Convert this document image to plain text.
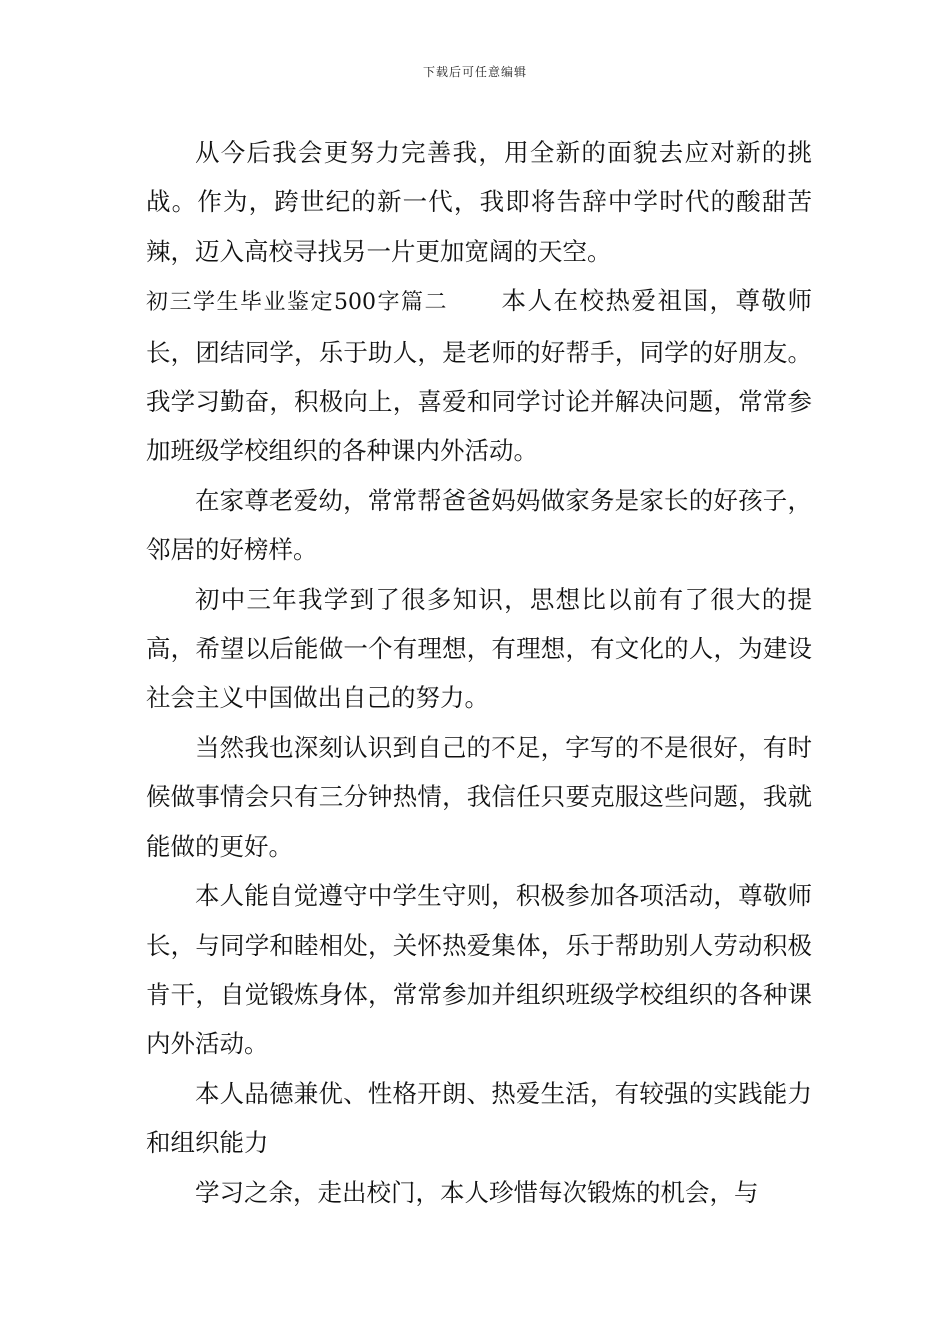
下载后可任意编辑

从今后我会更努力完善我，用全新的面貌去应对新的挑战。作为，跨世纪的新一代，我即将告辞中学时代的酸甜苦辣，迈入高校寻找另一片更加宽阔的天空。

初三学生毕业鉴定500字篇二 本人在校热爱祖国，尊敬师长，团结同学，乐于助人，是老师的好帮手，同学的好朋友。我学习勤奋，积极向上，喜爱和同学讨论并解决问题，常常参加班级学校组织的各种课内外活动。

在家尊老爱幼，常常帮爸爸妈妈做家务是家长的好孩子，邻居的好榜样。

初中三年我学到了很多知识，思想比以前有了很大的提高，希望以后能做一个有理想，有理想，有文化的人，为建设社会主义中国做出自己的努力。

当然我也深刻认识到自己的不足，字写的不是很好，有时候做事情会只有三分钟热情，我信任只要克服这些问题，我就能做的更好。

本人能自觉遵守中学生守则，积极参加各项活动，尊敬师长，与同学和睦相处，关怀热爱集体，乐于帮助别人劳动积极肯干，自觉锻炼身体，常常参加并组织班级学校组织的各种课内外活动。

本人品德兼优、性格开朗、热爱生活，有较强的实践能力和组织能力

学习之余，走出校门，本人珍惜每次锻炼的机会，与
